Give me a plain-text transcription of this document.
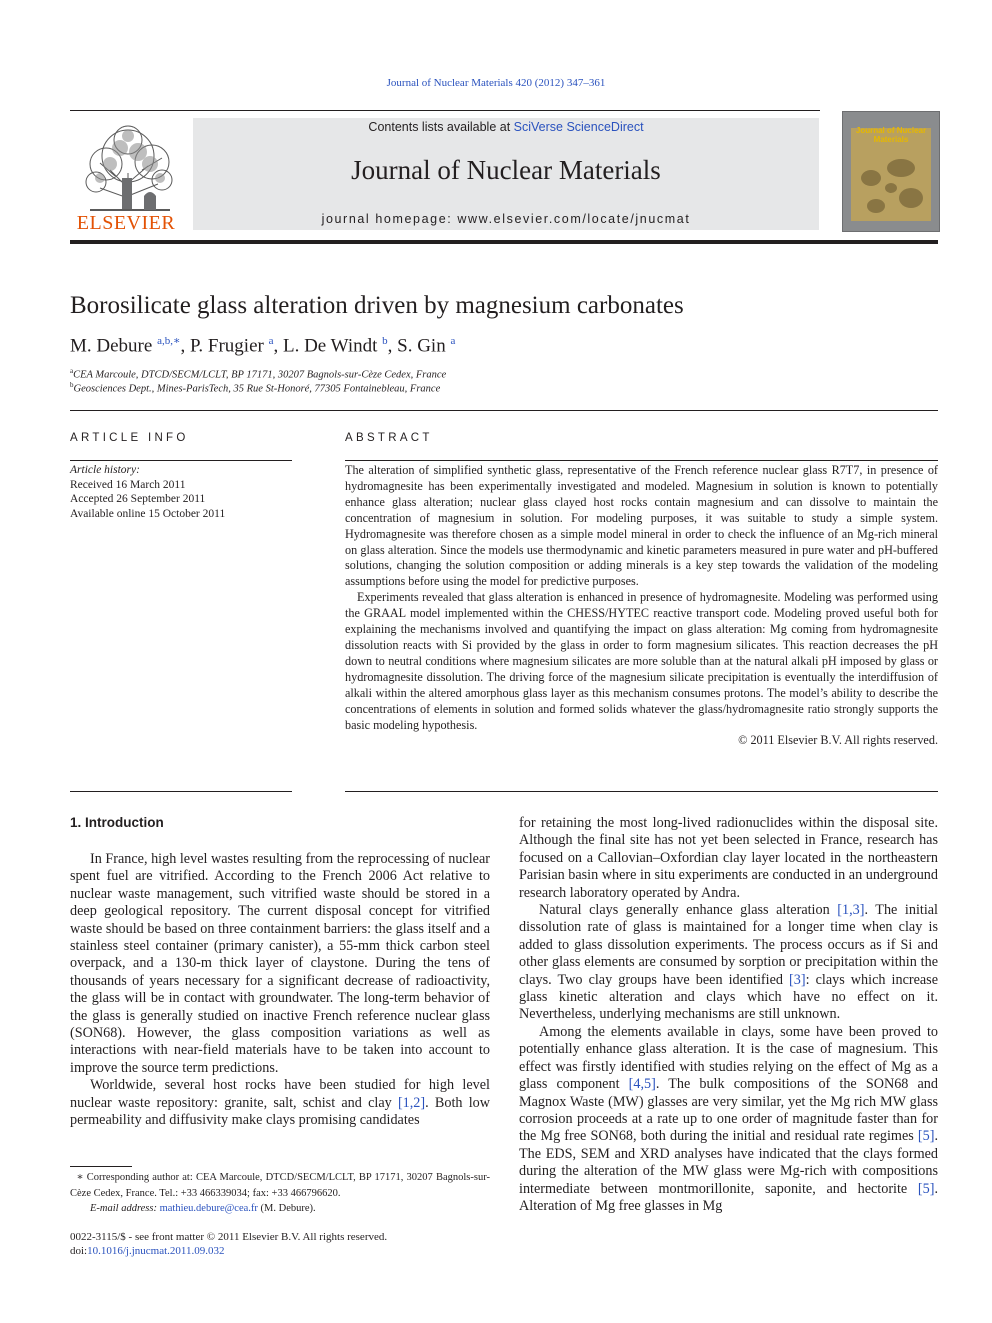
Journal of Nuclear Materials 420 (2012) 347–361
ELSEVIER
Contents lists available at SciVerse ScienceDirect
Journal of Nuclear Materials
journal homepage: www.elsevier.com/locate/jnucmat
Journal of Nuclear Materials
Borosilicate glass alteration driven by magnesium carbonates
M. Debure $^{a,b,∗}$, P. Frugier $^a$, L. De Windt $^b$, S. Gin $^a$
$^a$CEA Marcoule, DTCD/SECM/LCLT, BP 17171, 30207 Bagnols-sur-Cèze Cedex, France
$^b$Geosciences Dept., Mines-ParisTech, 35 Rue St-Honoré, 77305 Fontainebleau, France
ARTICLE INFO	ABSTRACT
Article history:
Received 16 March 2011
Accepted 26 September 2011
Available online 15 October 2011

The alteration of simplified synthetic glass, representative of the French reference nuclear glass R7T7, in presence of hydromagnesite has been experimentally investigated and modeled. Magnesium in solution is known to potentially enhance glass alteration; nuclear glass clayed host rocks contain magnesium and can dissolve to maintain the concentration of magnesium in solution. For modeling purposes, it was suitable to study a simple system. Hydromagnesite was therefore chosen as a simple model mineral in order to check the influence of an Mg-rich mineral on glass alteration. Since the models use thermodynamic and kinetic parameters measured in pure water and pH-buffered solutions, changing the solution composition or adding minerals is a key step towards the validation of the modeling assumptions before using the model for predictive purposes.

Experiments revealed that glass alteration is enhanced in presence of hydromagnesite. Modeling was performed using the GRAAL model implemented within the CHESS/HYTEC reactive transport code. Modeling proved useful both for explaining the mechanisms involved and quantifying the impact on glass alteration: Mg coming from hydromagnesite dissolution reacts with Si provided by the glass in order to form magnesium silicates. This reaction decreases the pH down to neutral conditions where magnesium silicates are more soluble than at the natural alkali pH imposed by glass or hydromagnesite dissolution. The driving force of the magnesium silicate precipitation is eventually the interdiffusion of alkali within the altered amorphous glass layer as this mechanism consumes protons. The model’s ability to describe the concentrations of elements in solution and formed solids whatever the glass/hydromagnesite ratio strongly supports the basic modeling hypothesis.

© 2011 Elsevier B.V. All rights reserved.

1. Introduction

In France, high level wastes resulting from the reprocessing of nuclear spent fuel are vitrified. According to the French 2006 Act relative to nuclear waste management, such vitrified waste should be stored in a deep geological repository. The current disposal concept for vitrified waste should be based on three containment barriers: the glass itself and a stainless steel container (primary canister), a 55-mm thick carbon steel overpack, and a 130-m thick layer of claystone. During the tens of thousands of years necessary for a significant decrease of radioactivity, the glass will be in contact with groundwater. The long-term behavior of the glass is generally studied on inactive French reference nuclear glass (SON68). However, the glass composition variations as well as interactions with near-field materials have to be taken into account to improve the source term predictions.

Worldwide, several host rocks have been studied for high level nuclear waste repository: granite, salt, schist and clay [1,2]. Both low permeability and diffusivity make clays promising candidates

for retaining the most long-lived radionuclides within the disposal site. Although the final site has not yet been selected in France, research has focused on a Callovian–Oxfordian clay layer located in the northeastern Parisian basin where in situ experiments are conducted in an underground research laboratory operated by Andra.

Natural clays generally enhance glass alteration [1,3]. The initial dissolution rate of glass is maintained for a longer time when clay is added to glass dissolution experiments. The process occurs as if Si and other glass elements are consumed by sorption or precipitation within the clays. Two clay groups have been identified [3]: clays which increase glass kinetic alteration and clays which have no effect on it. Nevertheless, underlying mechanisms are still unknown.

Among the elements available in clays, some have been proved to potentially enhance glass alteration. It is the case of magnesium. This effect was firstly identified with studies relying on the effect of Mg as a glass component [4,5]. The bulk compositions of the SON68 and Magnox Waste (MW) glasses are very similar, yet the Mg rich MW glass corrosion proceeds at a rate up to one order of magnitude faster than for the Mg free SON68, both during the initial and residual rate regimes [5]. The EDS, SEM and XRD analyses have indicated that the clays formed during the alteration of the MW glass were Mg-rich with compositions intermediate between montmorillonite, saponite, and hectorite [5]. Alteration of Mg free glasses in Mg

∗ Corresponding author at: CEA Marcoule, DTCD/SECM/LCLT, BP 17171, 30207 Bagnols-sur-Cèze Cedex, France. Tel.: +33 466339034; fax: +33 466796620.
E-mail address: mathieu.debure@cea.fr (M. Debure).
0022-3115/$ - see front matter © 2011 Elsevier B.V. All rights reserved.
doi:10.1016/j.jnucmat.2011.09.032
